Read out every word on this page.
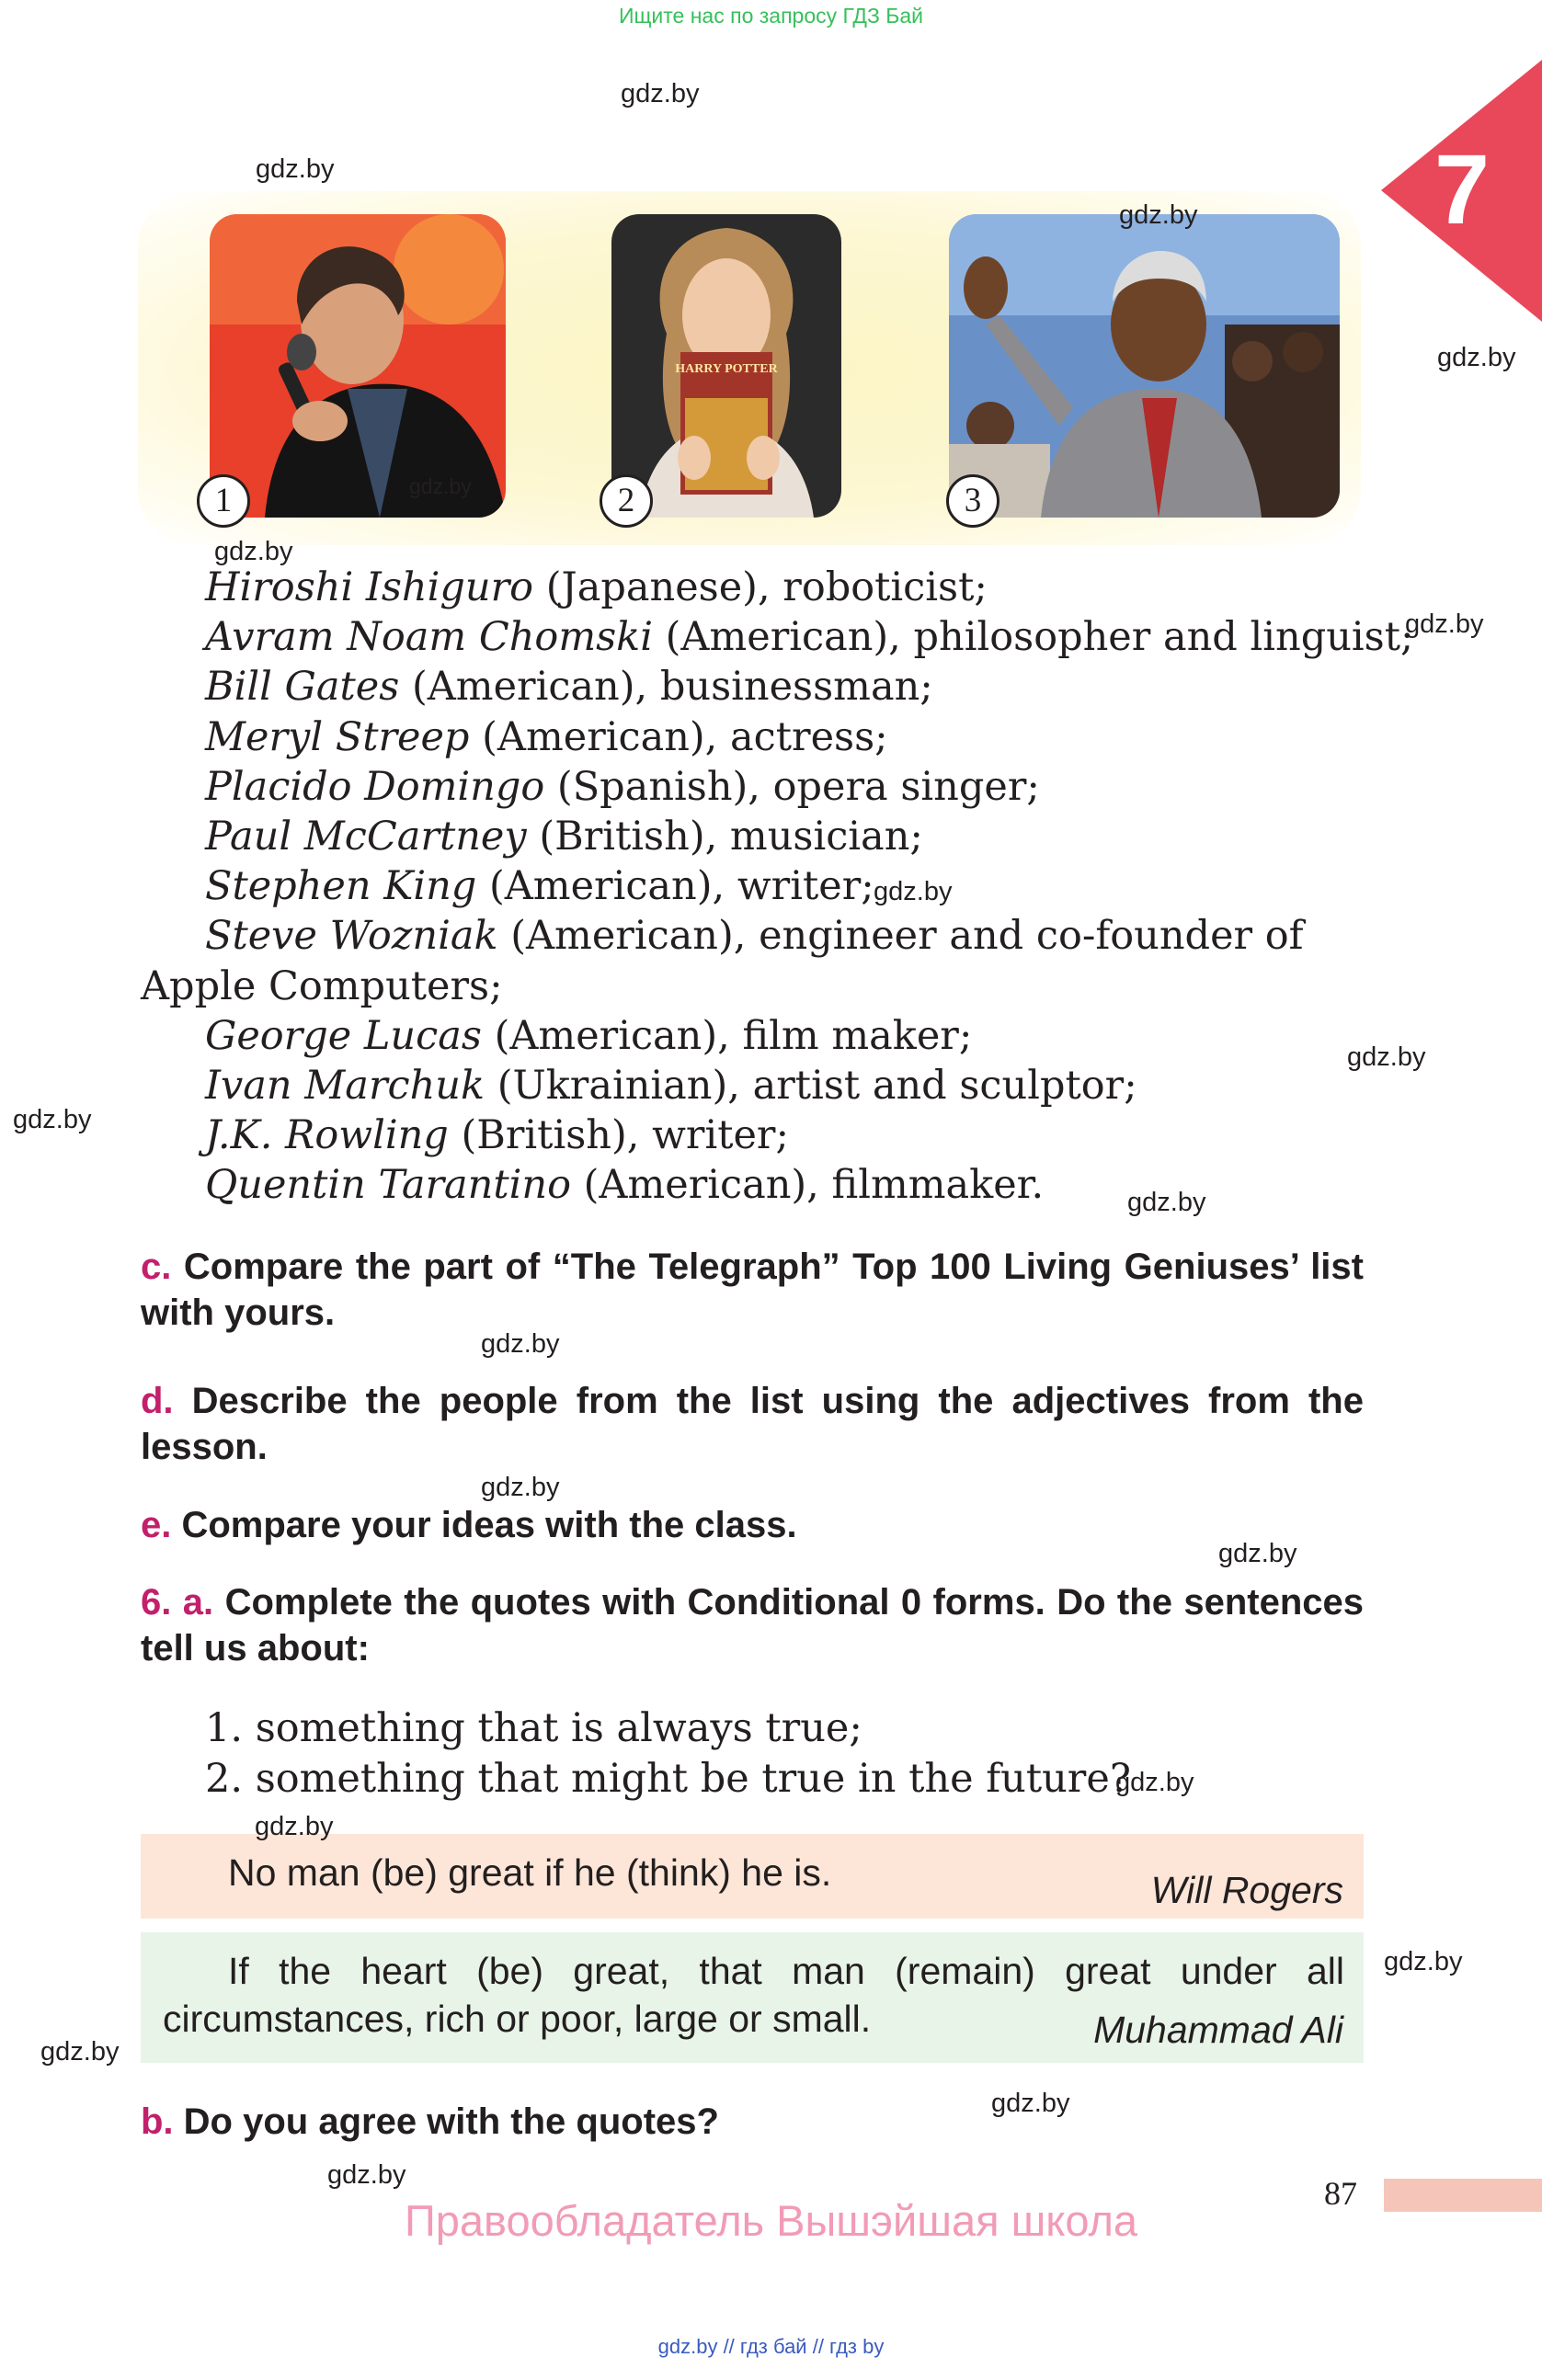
Ищите нас по запросу ГДЗ Бай
7
HARRY POTTER
1	2	3
Hiroshi Ishiguro (Japanese), roboticist;
Avram Noam Chomski (American), philosopher and linguist;
Bill Gates (American), businessman;
Meryl Streep (American), actress;
Placido Domingo (Spanish), opera singer;
Paul McCartney (British), musician;
Stephen King (American), writer;
Steve Wozniak (American), engineer and co-founder of Apple Computers;
George Lucas (American), film maker;
Ivan Marchuk (Ukrainian), artist and sculptor;
J.K. Rowling (British), writer;
Quentin Tarantino (American), filmmaker.
c. Compare the part of “The Telegraph” Top 100 Living Geniuses’ list with yours.
d. Describe the people from the list using the adjectives from the lesson.
e. Compare your ideas with the class.
6. a. Complete the quotes with Conditional 0 forms. Do the sentences tell us about:
1. something that is always true;
2. something that might be true in the future?
No man (be) great if he (think) he is.	Will Rogers
If the heart (be) great, that man (remain) great under all circumstances, rich or poor, large or small.	Muhammad Ali
b. Do you agree with the quotes?
87
Правообладатель Вышэйшая школа
gdz.by // гдз бай // гдз by
gdz.by
gdz.by
gdz.by
gdz.by
gdz.by
gdz.by
gdz.by
gdz.by
gdz.by
gdz.by
gdz.by
gdz.by
gdz.by
gdz.by
gdz.by
gdz.by
gdz.by
gdz.by
gdz.by
gdz.by
